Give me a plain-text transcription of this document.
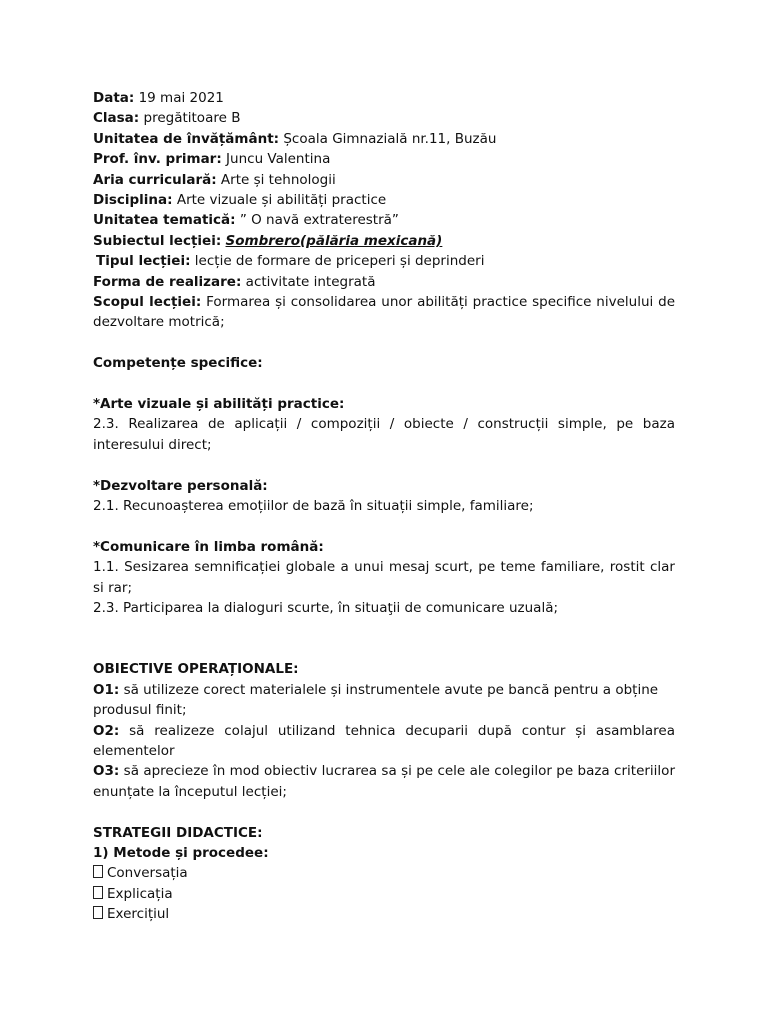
Data: 19 mai 2021
Clasa: pregătitoare B
Unitatea de învățământ: Școala Gimnazială nr.11, Buzău
Prof. înv. primar: Juncu Valentina
Aria curriculară: Arte și tehnologii
Disciplina: Arte vizuale și abilități practice
Unitatea tematică: ” O navă extraterestră”
Subiectul lecției: Sombrero(pălăria mexicană)
Tipul lecției: lecție de formare de priceperi și deprinderi
Forma de realizare: activitate integrată
Scopul lecției: Formarea și consolidarea unor abilități practice specifice nivelului de dezvoltare motrică;
Competențe specifice:
*Arte vizuale și abilități practice:
2.3. Realizarea de aplicații / compoziții / obiecte / construcții simple, pe baza interesului direct;
*Dezvoltare personală:
2.1. Recunoașterea emoțiilor de bază în situații simple, familiare;
*Comunicare în limba română:
1.1. Sesizarea semnificației globale a unui mesaj scurt, pe teme familiare, rostit clar si rar;
2.3. Participarea la dialoguri scurte, în situaţii de comunicare uzuală;
OBIECTIVE OPERAȚIONALE:
O1: să utilizeze corect materialele și instrumentele avute pe bancă pentru a obține produsul finit;
O2: să realizeze colajul utilizand tehnica decuparii după contur și asamblarea elementelor
O3: să aprecieze în mod obiectiv lucrarea sa și pe cele ale colegilor pe baza criteriilor enunțate la începutul lecției;
STRATEGII DIDACTICE:
1) Metode și procedee:
Conversația
Explicația
Exercițiul
